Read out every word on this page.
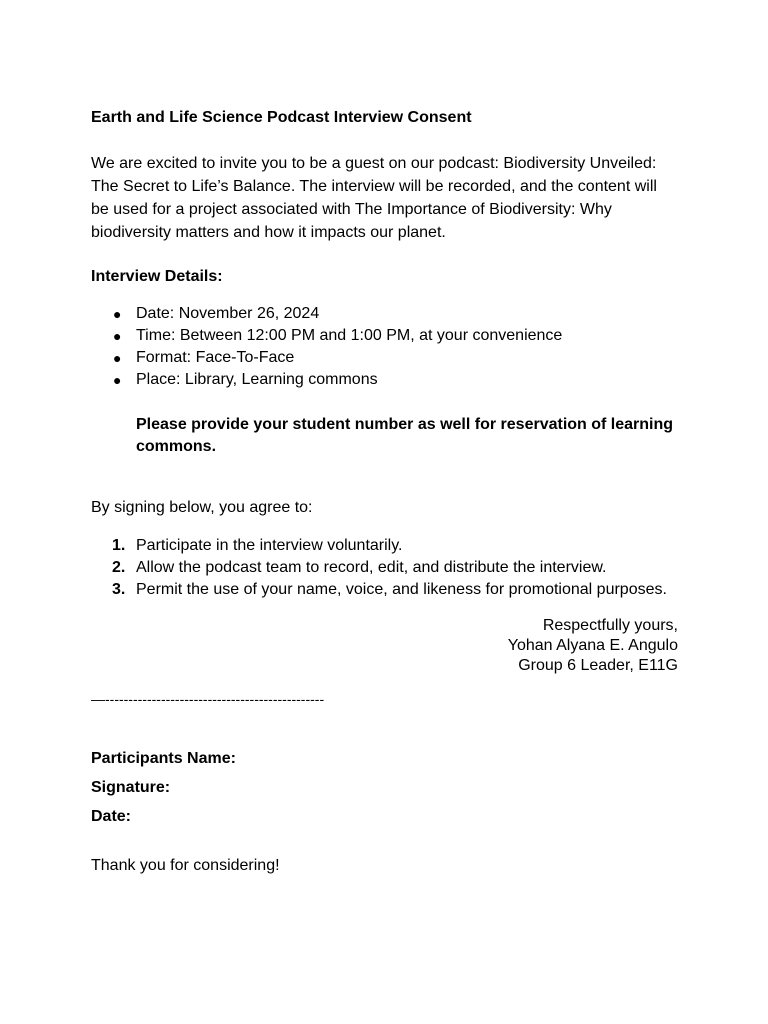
Earth and Life Science Podcast Interview Consent

We are excited to invite you to be a guest on our podcast: Biodiversity Unveiled: The Secret to Life’s Balance. The interview will be recorded, and the content will be used for a project associated with The Importance of Biodiversity: Why biodiversity matters and how it impacts our planet.

Interview Details:

● Date: November 26, 2024
● Time: Between 12:00 PM and 1:00 PM, at your convenience
● Format: Face-To-Face
● Place: Library, Learning commons

Please provide your student number as well for reservation of learning commons.

By signing below, you agree to:

1. Participate in the interview voluntarily.
2. Allow the podcast team to record, edit, and distribute the interview.
3. Permit the use of your name, voice, and likeness for promotional purposes.
Respectfully yours,
Yohan Alyana E. Angulo
Group 6 Leader, E11G
—-----------------------------------------------
Participants Name:
Signature:
Date:

Thank you for considering!
